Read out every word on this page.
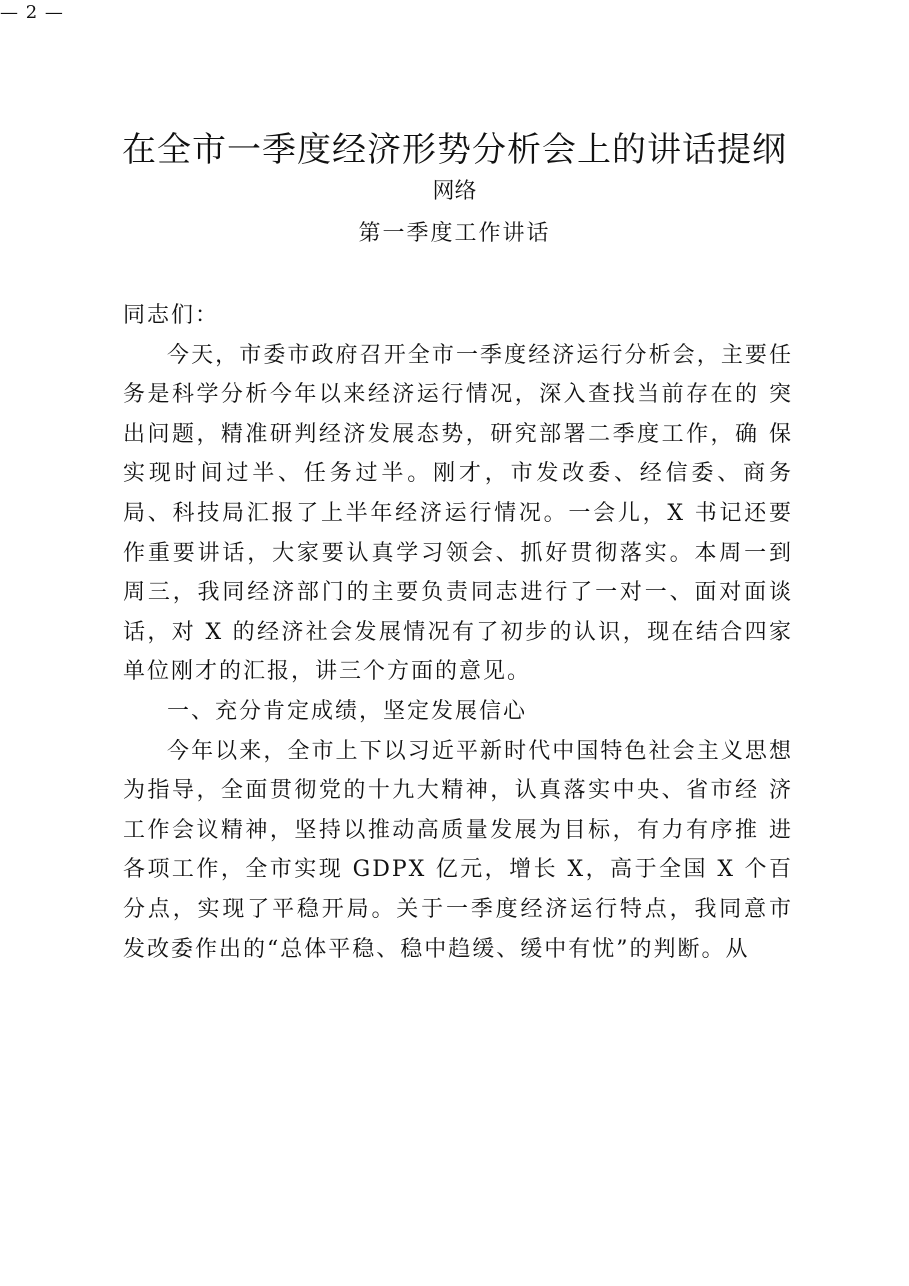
— 2 —
在全市一季度经济形势分析会上的讲话提纲
网络
第一季度工作讲话

同志们：

今天，市委市政府召开全市一季度经济运行分析会，主要任务是科学分析今年以来经济运行情况，深入查找当前存在的 突出问题，精准研判经济发展态势，研究部署二季度工作，确 保实现时间过半、任务过半。刚才，市发改委、经信委、商务 局、科技局汇报了上半年经济运行情况。一会儿，X 书记还要作重要讲话，大家要认真学习领会、抓好贯彻落实。本周一到 周三，我同经济部门的主要负责同志进行了一对一、面对面谈 话，对 X 的经济社会发展情况有了初步的认识，现在结合四家单位刚才的汇报，讲三个方面的意见。

一、充分肯定成绩，坚定发展信心

今年以来，全市上下以习近平新时代中国特色社会主义思想为指导，全面贯彻党的十九大精神，认真落实中央、省市经 济工作会议精神，坚持以推动高质量发展为目标，有力有序推 进各项工作，全市实现 GDPX 亿元，增长 X，高于全国 X 个百分点，实现了平稳开局。关于一季度经济运行特点，我同意市 发改委作出的“总体平稳、稳中趋缓、缓中有忧”的判断。从
